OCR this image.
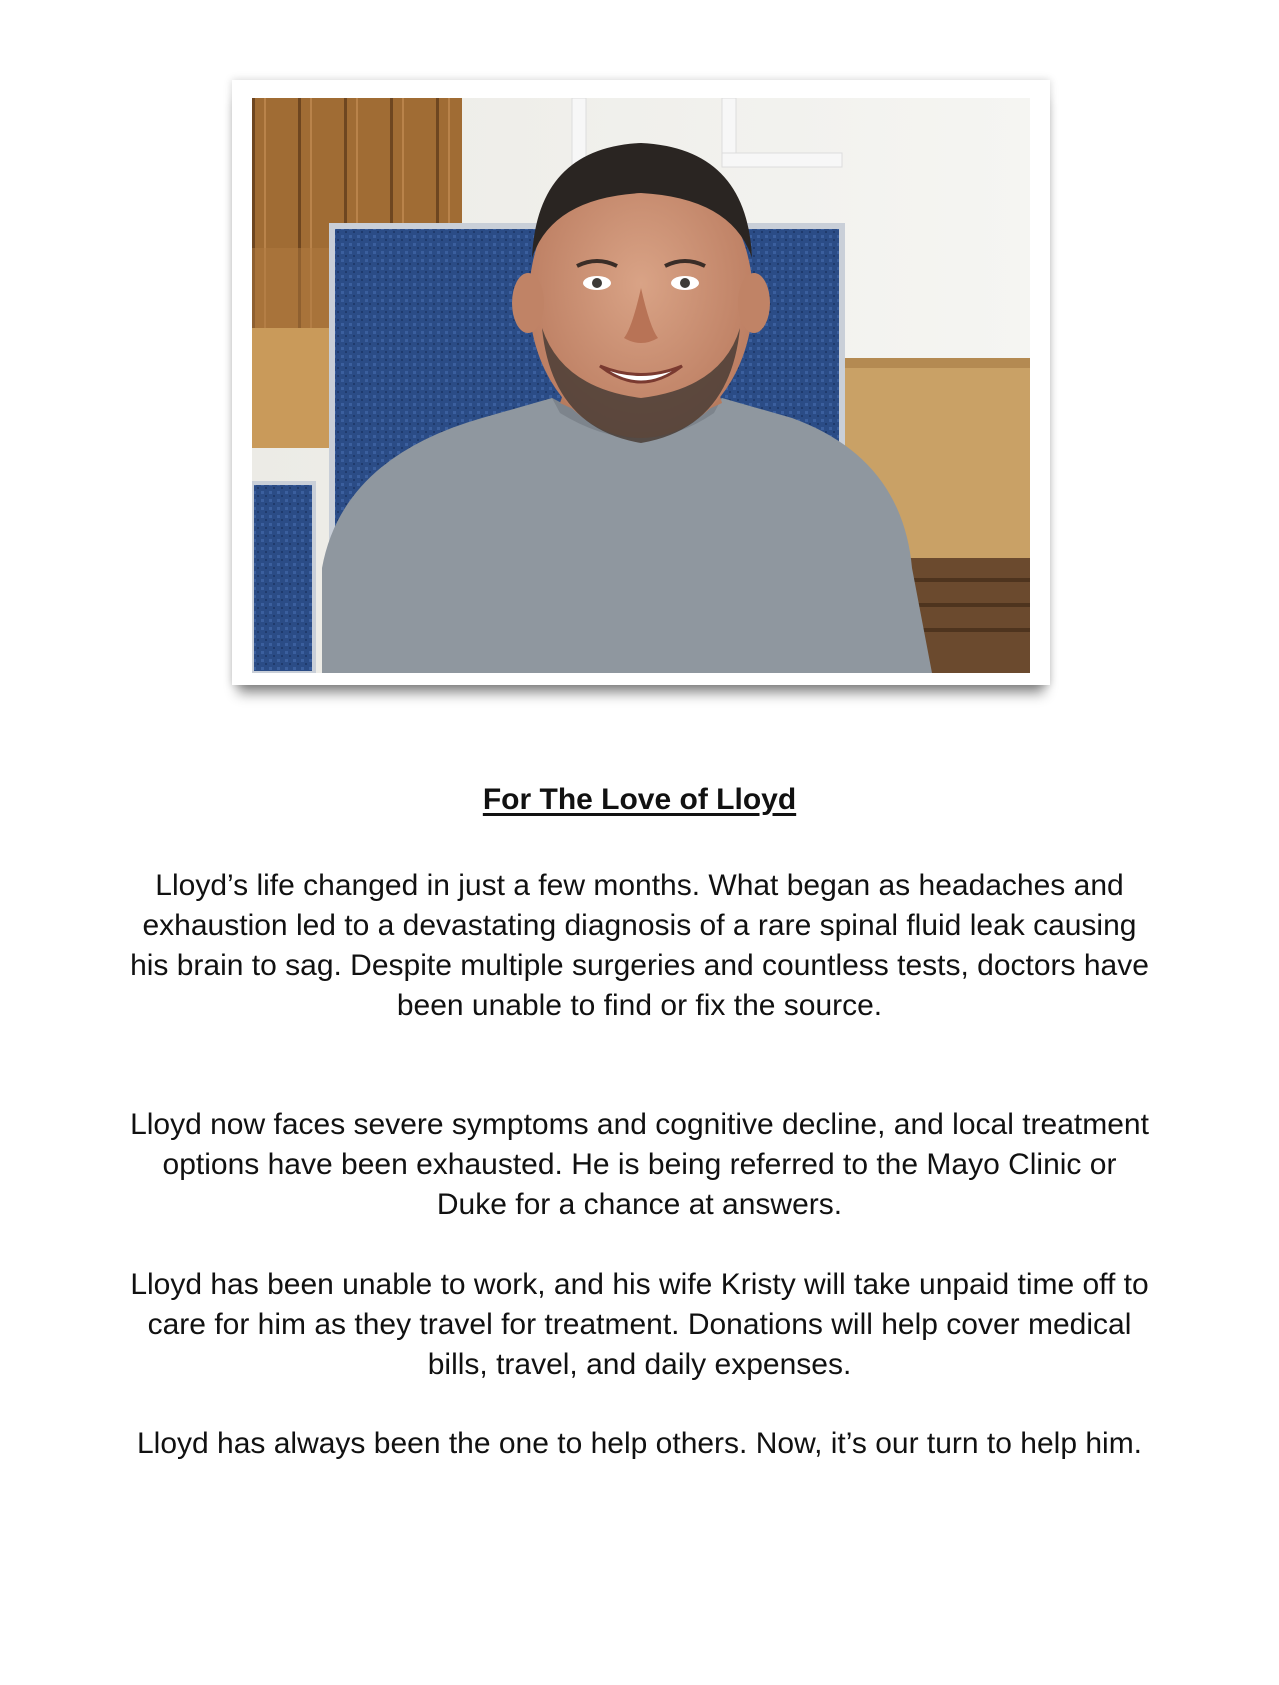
For The Love of Lloyd

Lloyd’s life changed in just a few months. What began as headaches and exhaustion led to a devastating diagnosis of a rare spinal fluid leak causing his brain to sag. Despite multiple surgeries and countless tests, doctors have been unable to find or fix the source.

Lloyd now faces severe symptoms and cognitive decline, and local treatment options have been exhausted. He is being referred to the Mayo Clinic or Duke for a chance at answers.

Lloyd has been unable to work, and his wife Kristy will take unpaid time off to care for him as they travel for treatment. Donations will help cover medical bills, travel, and daily expenses.

Lloyd has always been the one to help others. Now, it’s our turn to help him.
